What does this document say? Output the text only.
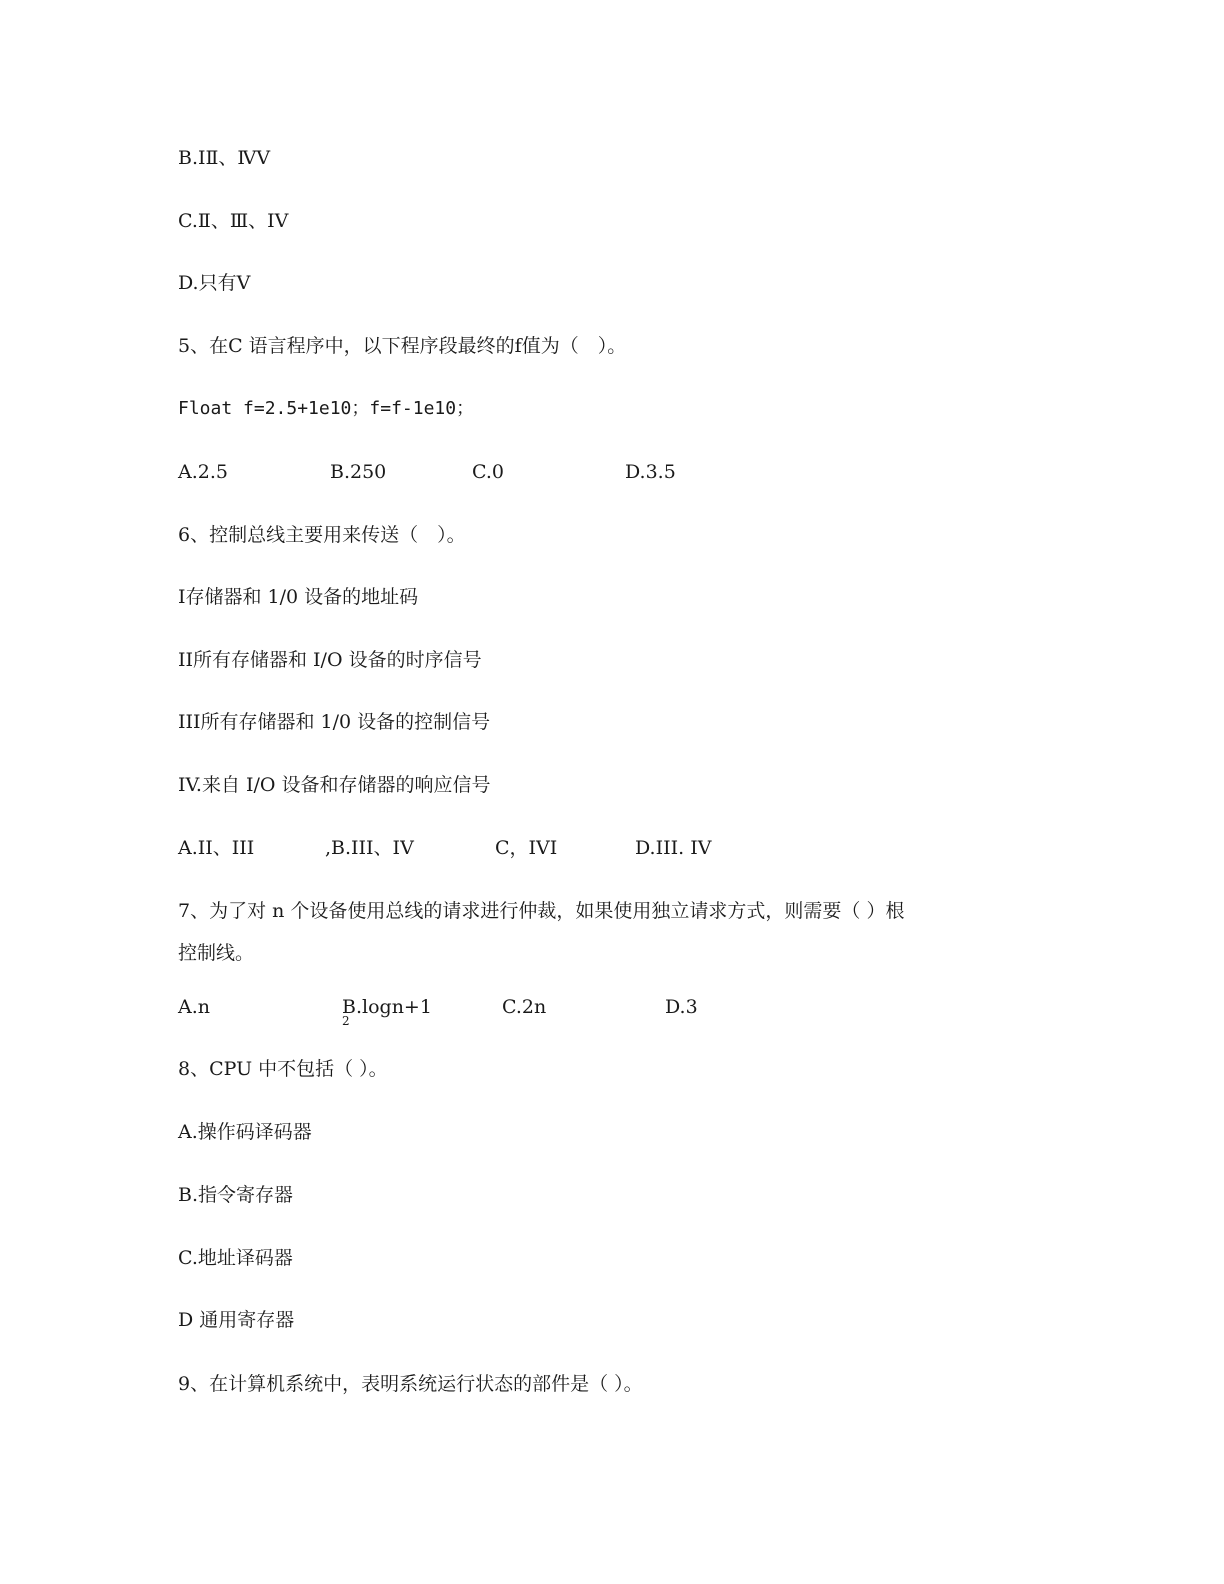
B.ⅠⅡ、ⅣV
C.Ⅱ、Ⅲ、IV
D.只有V
5、在C 语言程序中，以下程序段最终的f值为（　）。
Float f=2.5+1e10；f=f-1e10；
A.2.5	B.250	C.0	D.3.5
6、控制总线主要用来传送（　）。
I存储器和 1/0 设备的地址码
II所有存储器和 I/O 设备的时序信号
III所有存储器和 1/0 设备的控制信号
IV.来自 I/O 设备和存储器的响应信号
A.II、III	,B.III、IV	C，IVI	D.III. IV
7、为了对 n 个设备使用总线的请求进行仲裁，如果使用独立请求方式，则需要（ ）根
控制线。
A.n	B.logn+1
2
C.2n	D.3
8、CPU 中不包括（ ）。
A.操作码译码器
B.指令寄存器
C.地址译码器
D 通用寄存器
9、在计算机系统中，表明系统运行状态的部件是（ ）。
